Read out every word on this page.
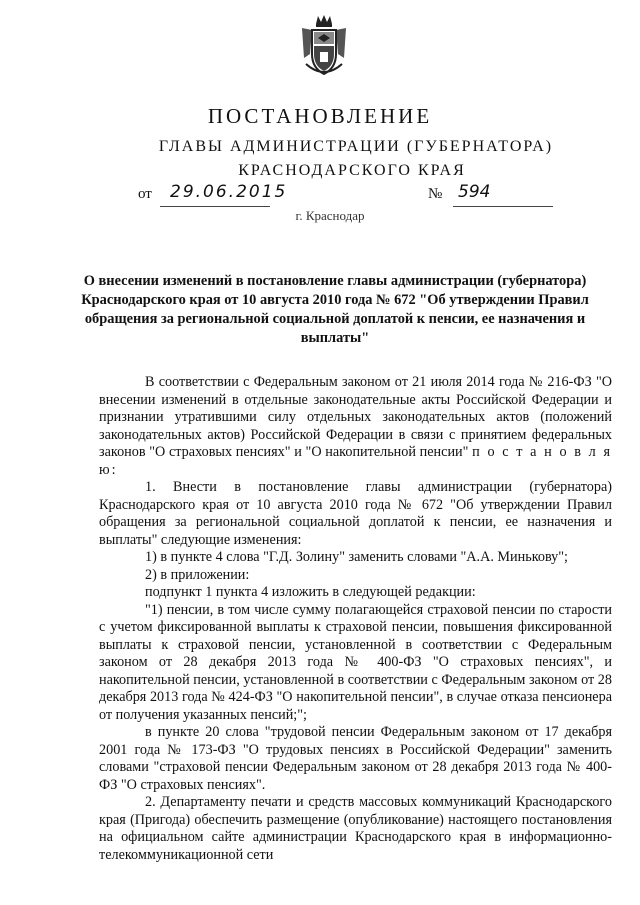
ПОСТАНОВЛЕНИЕ
ГЛАВЫ АДМИНИСТРАЦИИ (ГУБЕРНАТОРА)
КРАСНОДАРСКОГО КРАЯ
от 29.06.2015	№ 594
г. Краснодар
О внесении изменений в постановление главы администрации (губернатора) Краснодарского края от 10 августа 2010 года № 672 "Об утверждении Правил обращения за региональной социальной доплатой к пенсии, ее назначения и выплаты"

В соответствии с Федеральным законом от 21 июля 2014 года № 216-ФЗ "О внесении изменений в отдельные законодательные акты Российской Федерации и признании утратившими силу отдельных законодательных актов (положений законодательных актов) Российской Федерации в связи с принятием федеральных законов "О страховых пенсиях" и "О накопительной пенсии" п о с т а н о в л я ю:

1. Внести в постановление главы администрации (губернатора) Краснодарского края от 10 августа 2010 года № 672 "Об утверждении Правил обращения за региональной социальной доплатой к пенсии, ее назначения и выплаты" следующие изменения:

1) в пункте 4 слова "Г.Д. Золину" заменить словами "А.А. Минькову";

2) в приложении:

подпункт 1 пункта 4 изложить в следующей редакции:

"1) пенсии, в том числе сумму полагающейся страховой пенсии по старости с учетом фиксированной выплаты к страховой пенсии, повышения фиксированной выплаты к страховой пенсии, установленной в соответствии с Федеральным законом от 28 декабря 2013 года № 400-ФЗ "О страховых пенсиях", и накопительной пенсии, установленной в соответствии с Федеральным законом от 28 декабря 2013 года № 424-ФЗ "О накопительной пенсии", в случае отказа пенсионера от получения указанных пенсий;";

в пункте 20 слова "трудовой пенсии Федеральным законом от 17 декабря 2001 года № 173-ФЗ "О трудовых пенсиях в Российской Федерации" заменить словами "страховой пенсии Федеральным законом от 28 декабря 2013 года № 400-ФЗ "О страховых пенсиях".

2. Департаменту печати и средств массовых коммуникаций Краснодарского края (Пригода) обеспечить размещение (опубликование) настоящего постановления на официальном сайте администрации Краснодарского края в информационно-телекоммуникационной сети
